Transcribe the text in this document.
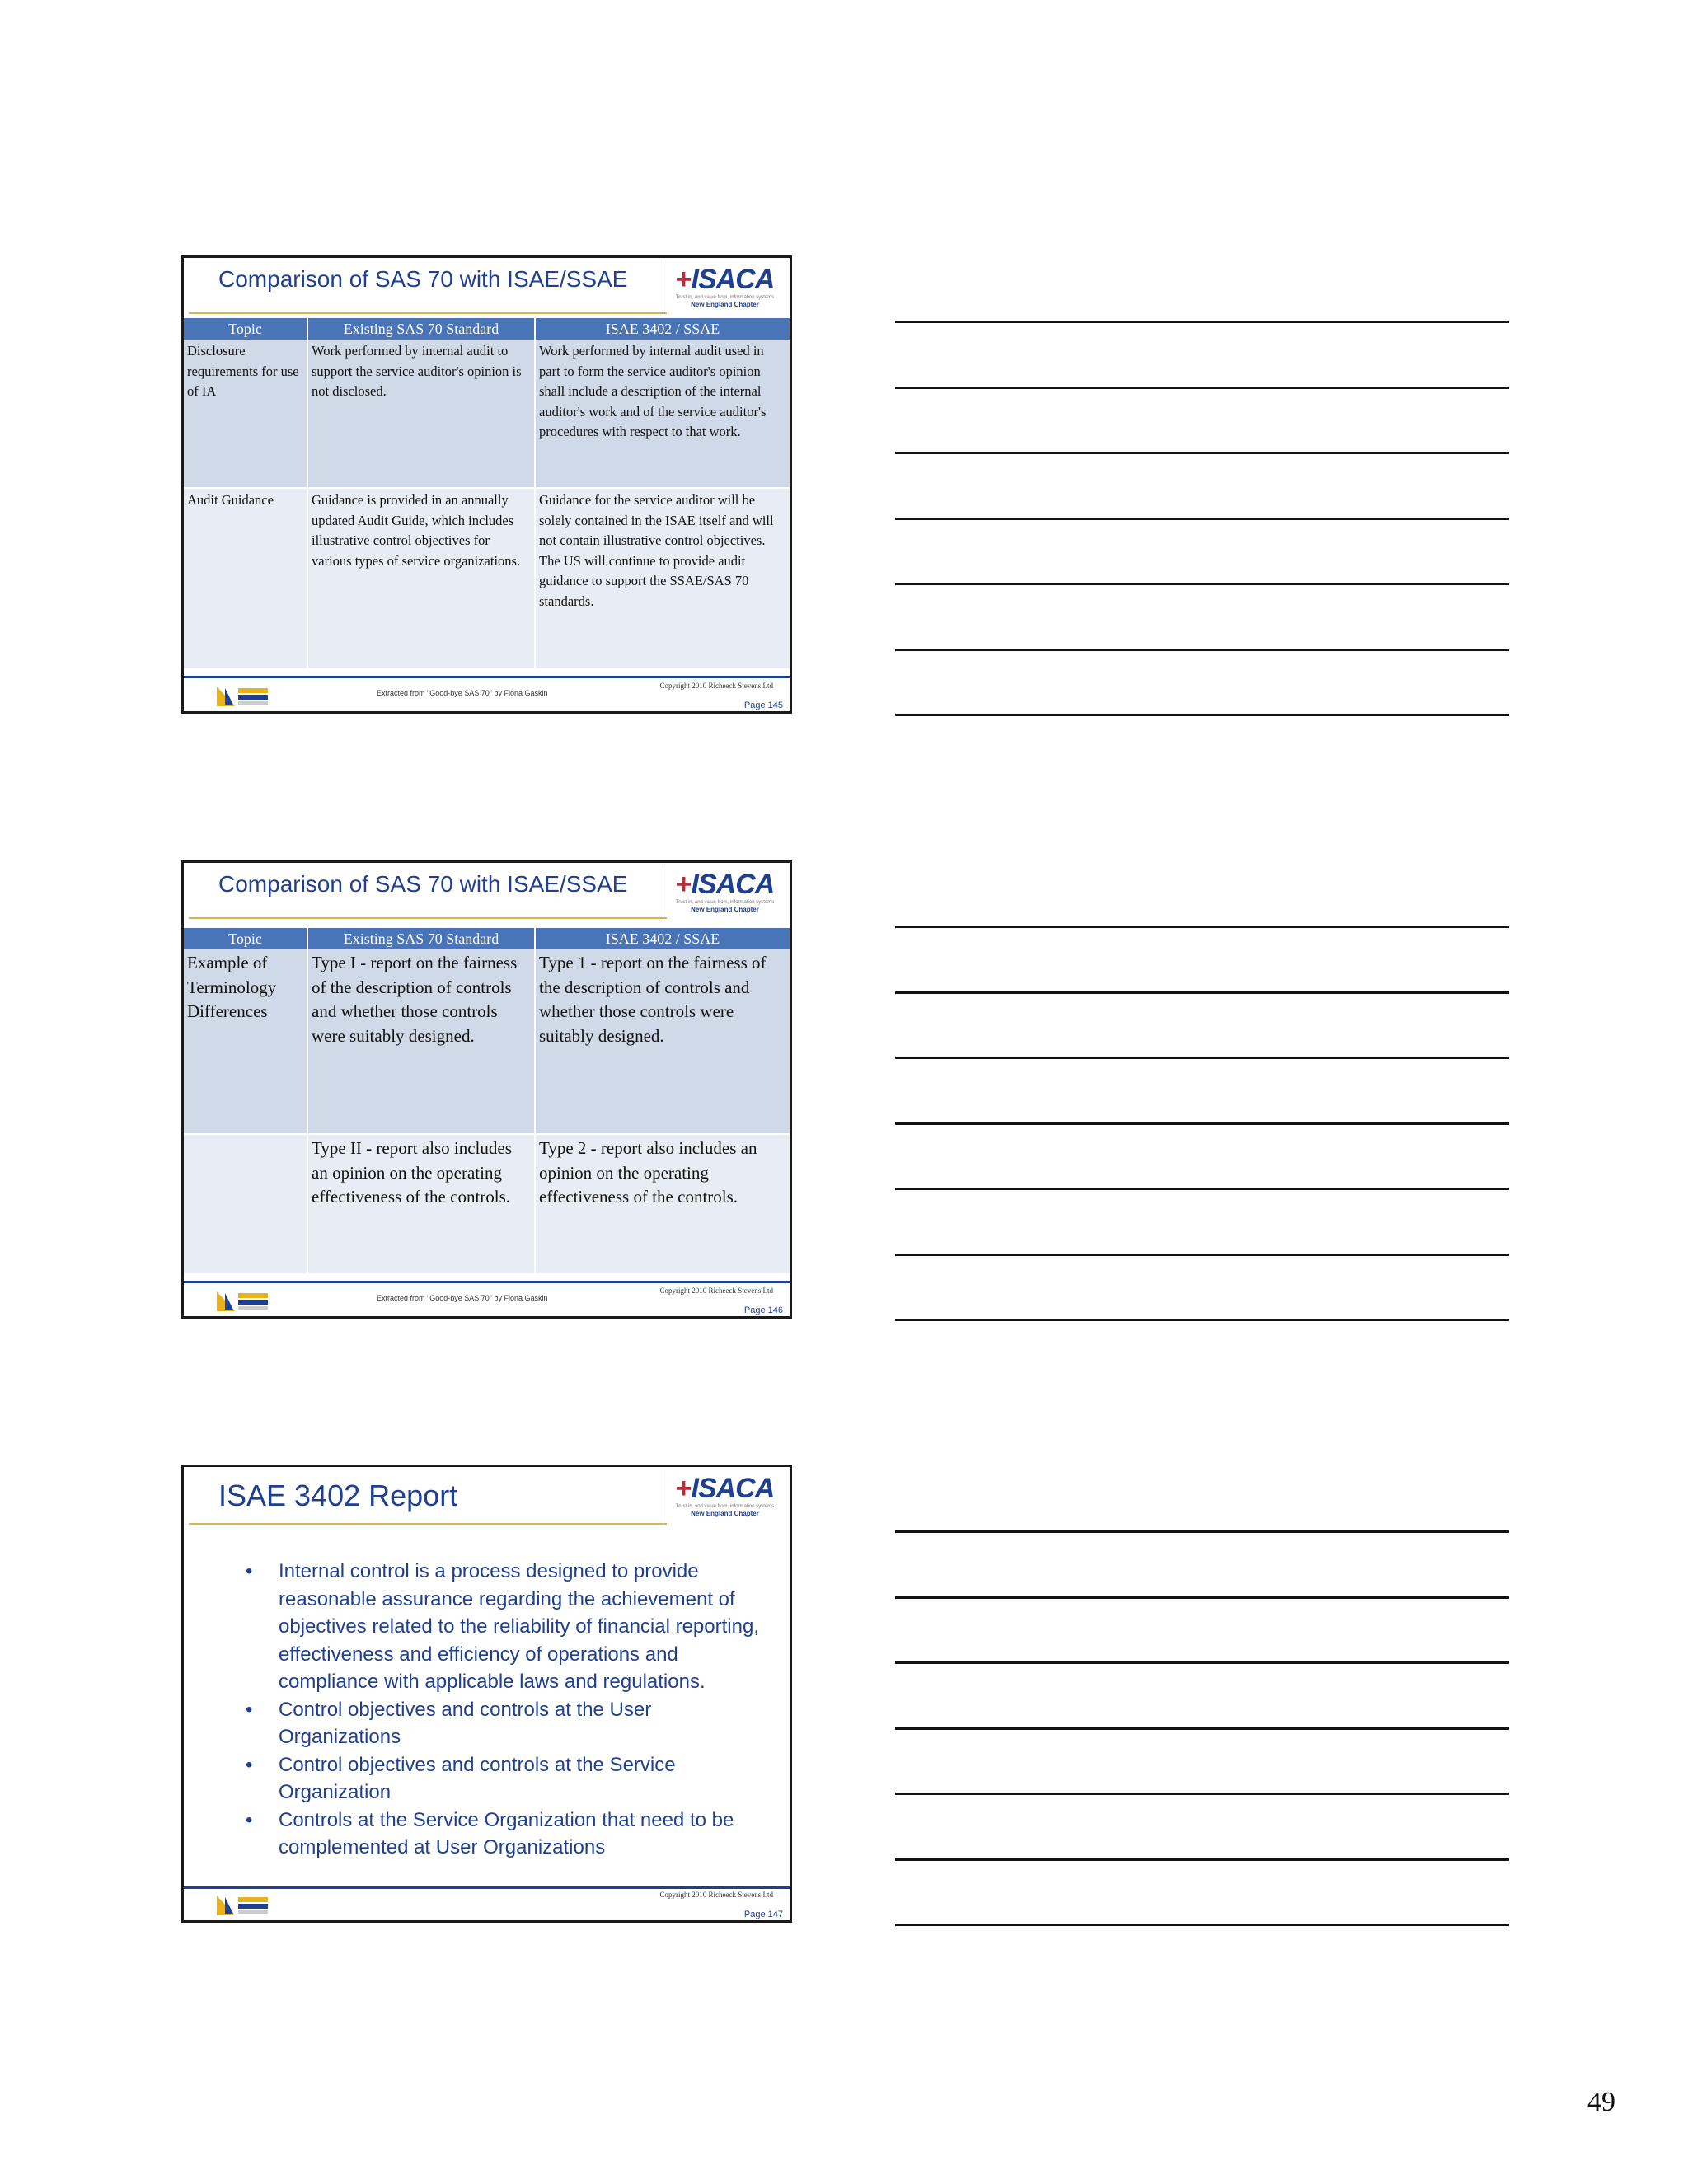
Comparison of SAS 70 with ISAE/SSAE	+ISACA
Trust in, and value from, information systems
New England Chapter
Topic	Existing SAS 70 Standard	ISAE 3402 / SSAE
Disclosure requirements for use of IA	Work performed by internal audit to support the service auditor's opinion is not disclosed.	Work performed by internal audit used in part to form the service auditor's opinion shall include a description of the internal auditor's work and of the service auditor's procedures with respect to that work.
Audit Guidance	Guidance is provided in an annually updated Audit Guide, which includes illustrative control objectives for various types of service organizations.	Guidance for the service auditor will be solely contained in the ISAE itself and will not contain illustrative control objectives. The US will continue to provide audit guidance to support the SSAE/SAS 70 standards.
Extracted from "Good-bye SAS 70" by Fiona Gaskin
Copyright 2010 Richeeck Stevens Ltd
Page 145
Comparison of SAS 70 with ISAE/SSAE	+ISACA
Trust in, and value from, information systems
New England Chapter
Topic	Existing SAS 70 Standard	ISAE 3402 / SSAE
Example of Terminology Differences	Type I - report on the fairness of the description of controls and whether those controls were suitably designed.	Type 1 - report on the fairness of the description of controls and whether those controls were suitably designed.
	Type II - report also includes an opinion on the operating effectiveness of the controls.	Type 2 - report also includes an opinion on the operating effectiveness of the controls.
Extracted from "Good-bye SAS 70" by Fiona Gaskin
Copyright 2010 Richeeck Stevens Ltd
Page 146
ISAE 3402 Report	+ISACA
Trust in, and value from, information systems
New England Chapter
• Internal control is a process designed to provide reasonable assurance regarding the achievement of objectives related to the reliability of financial reporting, effectiveness and efficiency of operations and compliance with applicable laws and regulations.
• Control objectives and controls at the User Organizations
• Control objectives and controls at the Service Organization
• Controls at the Service Organization that need to be complemented at User Organizations
Copyright 2010 Richeeck Stevens Ltd
Page 147
49
